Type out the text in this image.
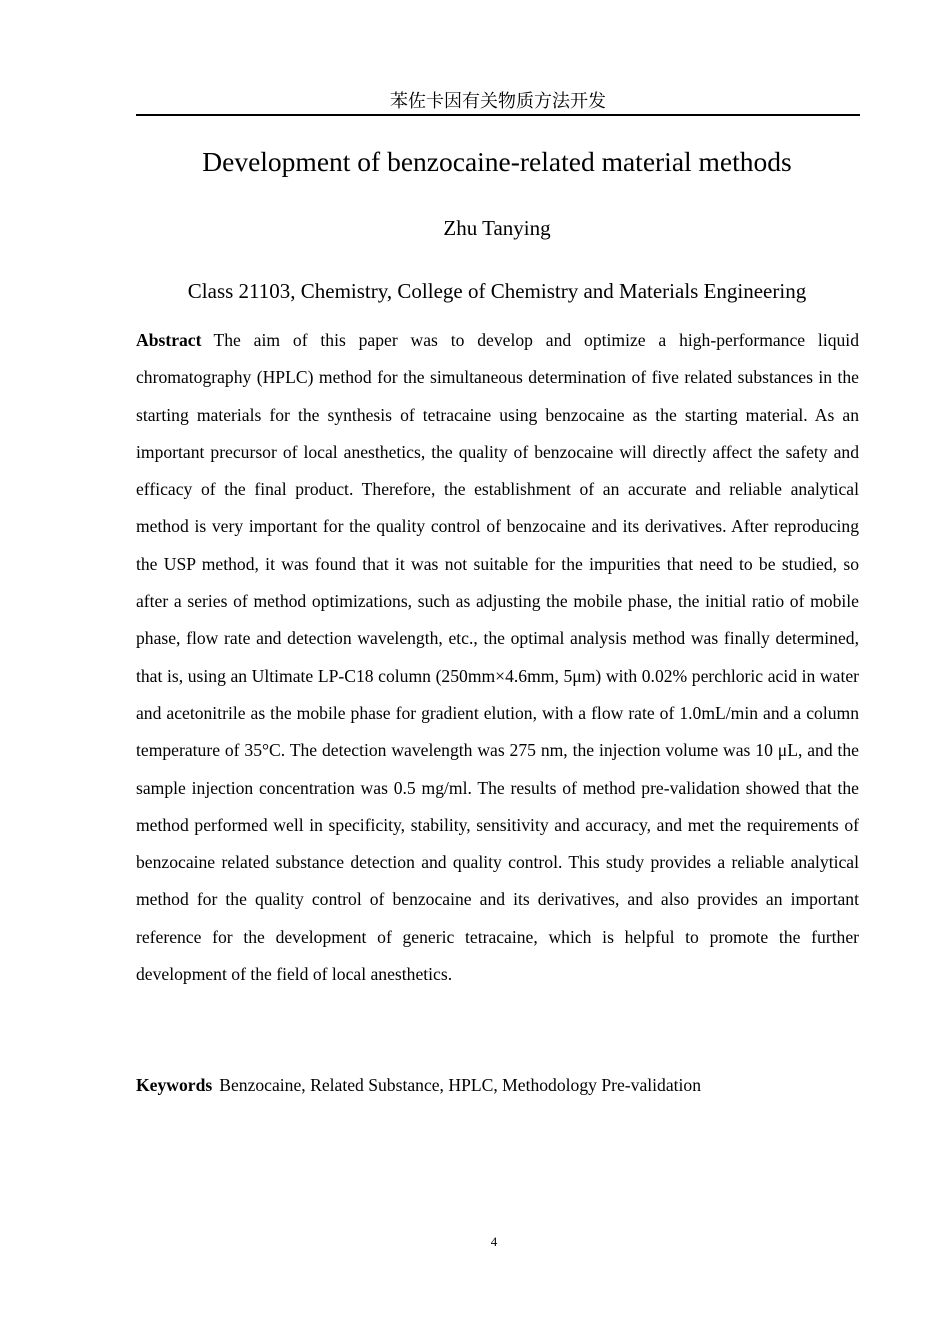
苯佐卡因有关物质方法开发
Development of benzocaine-related material methods
Zhu Tanying
Class 21103, Chemistry, College of Chemistry and Materials Engineering
Abstract The aim of this paper was to develop and optimize a high-performance liquid chromatography (HPLC) method for the simultaneous determination of five related substances in the starting materials for the synthesis of tetracaine using benzocaine as the starting material. As an important precursor of local anesthetics, the quality of benzocaine will directly affect the safety and efficacy of the final product. Therefore, the establishment of an accurate and reliable analytical method is very important for the quality control of benzocaine and its derivatives. After reproducing the USP method, it was found that it was not suitable for the impurities that need to be studied, so after a series of method optimizations, such as adjusting the mobile phase, the initial ratio of mobile phase, flow rate and detection wavelength, etc., the optimal analysis method was finally determined, that is, using an Ultimate LP-C18 column (250mm×4.6mm, 5μm) with 0.02% perchloric acid in water and acetonitrile as the mobile phase for gradient elution, with a flow rate of 1.0mL/min and a column temperature of 35°C. The detection wavelength was 275 nm, the injection volume was 10 μL, and the sample injection concentration was 0.5 mg/ml. The results of method pre-validation showed that the method performed well in specificity, stability, sensitivity and accuracy, and met the requirements of benzocaine related substance detection and quality control. This study provides a reliable analytical method for the quality control of benzocaine and its derivatives, and also provides an important reference for the development of generic tetracaine, which is helpful to promote the further development of the field of local anesthetics.
Keywords Benzocaine, Related Substance, HPLC, Methodology Pre-validation
4
